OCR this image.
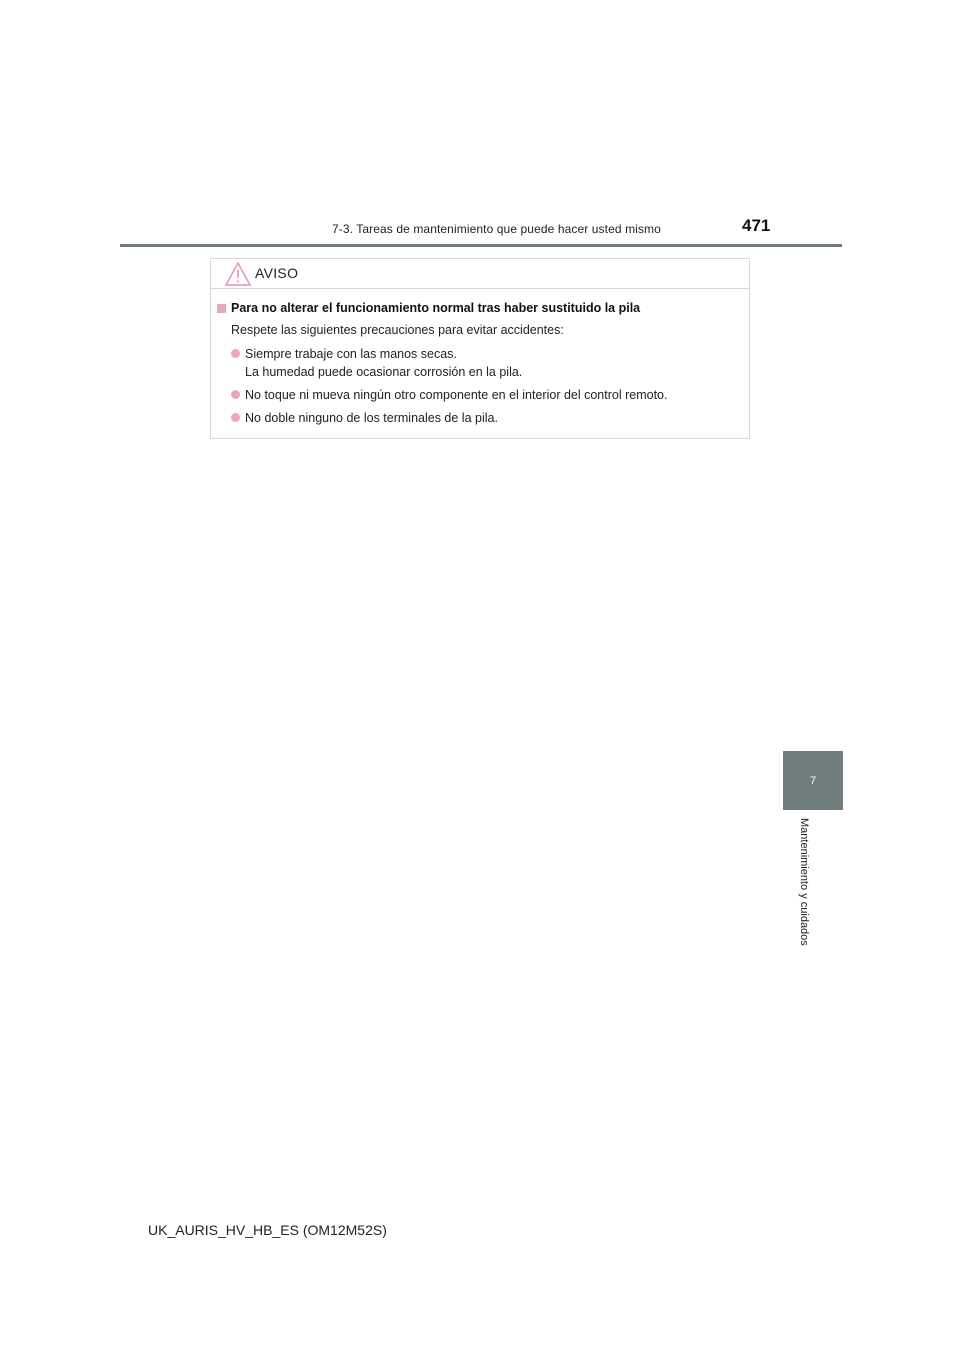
7-3. Tareas de mantenimiento que puede hacer usted mismo	471
AVISO
Para no alterar el funcionamiento normal tras haber sustituido la pila
Respete las siguientes precauciones para evitar accidentes:
Siempre trabaje con las manos secas.
La humedad puede ocasionar corrosión en la pila.
No toque ni mueva ningún otro componente en el interior del control remoto.
No doble ninguno de los terminales de la pila.
7
Mantenimiento y cuidados
UK_AURIS_HV_HB_ES (OM12M52S)
